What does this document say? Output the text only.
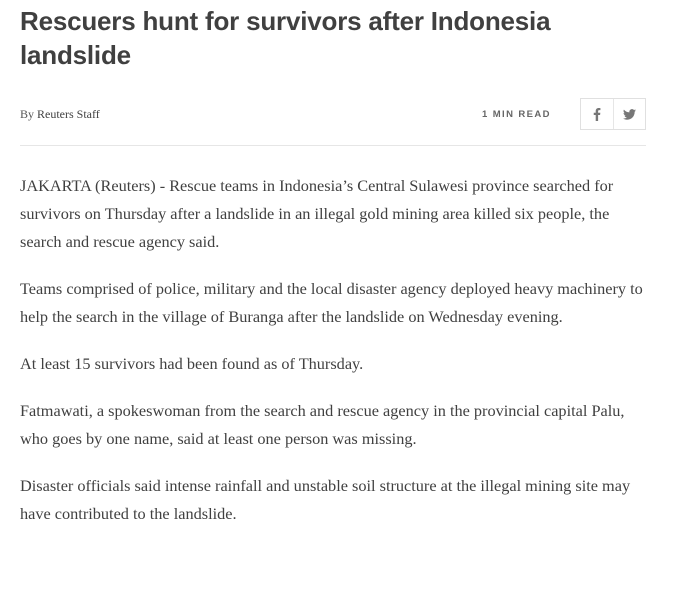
Rescuers hunt for survivors after Indonesia landslide
By Reuters Staff	1 MIN READ

JAKARTA (Reuters) - Rescue teams in Indonesia’s Central Sulawesi province searched for survivors on Thursday after a landslide in an illegal gold mining area killed six people, the search and rescue agency said.

Teams comprised of police, military and the local disaster agency deployed heavy machinery to help the search in the village of Buranga after the landslide on Wednesday evening.

At least 15 survivors had been found as of Thursday.

Fatmawati, a spokeswoman from the search and rescue agency in the provincial capital Palu, who goes by one name, said at least one person was missing.

Disaster officials said intense rainfall and unstable soil structure at the illegal mining site may have contributed to the landslide.
